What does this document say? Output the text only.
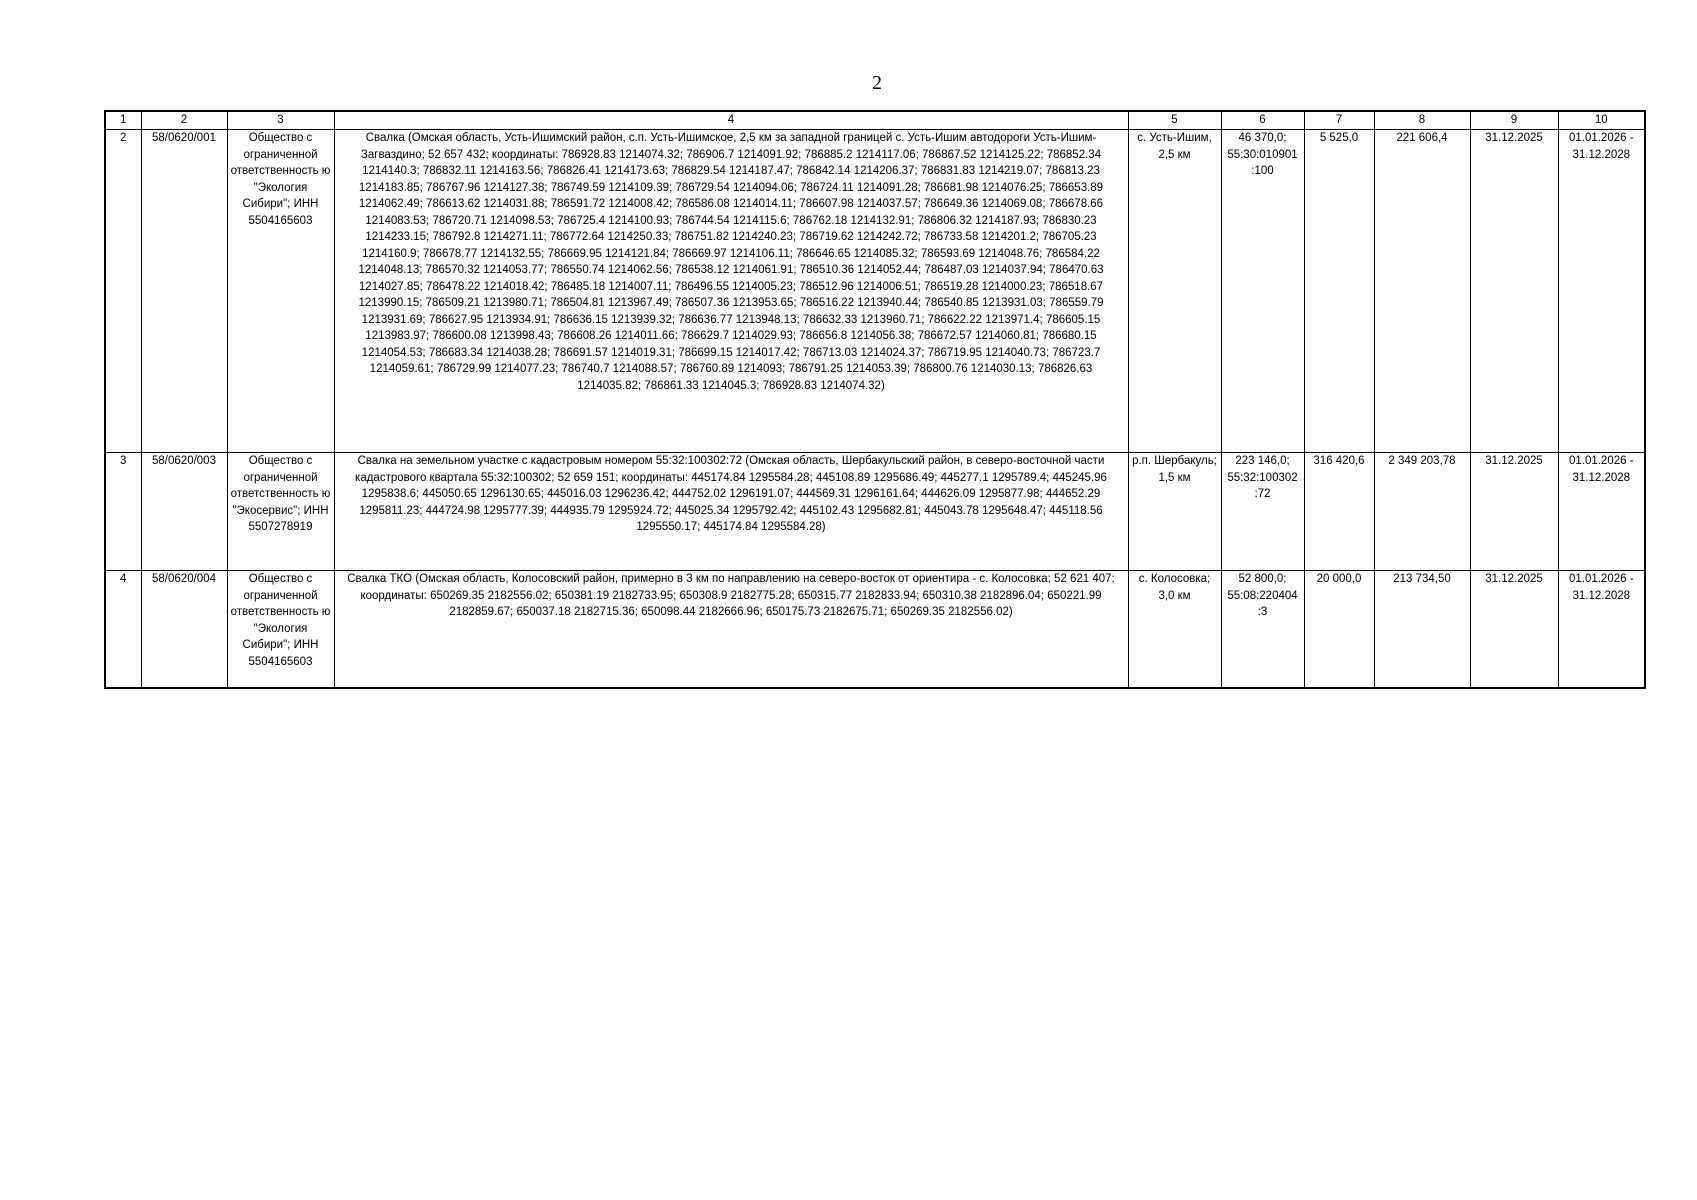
2
1	2	3	4	5	6	7	8	9	10
2	58/0620/001	Общество с ограниченной ответственность ю "Экология Сибири"; ИНН 5504165603	Свалка (Омская область, Усть-Ишимский район, с.п. Усть-Ишимское, 2,5 км за западной границей с. Усть-Ишим автодороги Усть-Ишим-Загваздино; 52 657 432; координаты: 786928.83 1214074.32; 786906.7 1214091.92; 786885.2 1214117.06; 786867.52 1214125.22; 786852.34 1214140.3; 786832.11 1214163.56; 786826.41 1214173.63; 786829.54 1214187.47; 786842.14 1214206.37; 786831.83 1214219.07; 786813.23 1214183.85; 786767.96 1214127.38; 786749.59 1214109.39; 786729.54 1214094.06; 786724.11 1214091.28; 786681.98 1214076.25; 786653.89 1214062.49; 786613.62 1214031.88; 786591.72 1214008.42; 786586.08 1214014.11; 786607.98 1214037.57; 786649.36 1214069.08; 786678.66 1214083.53; 786720.71 1214098.53; 786725.4 1214100.93; 786744.54 1214115.6; 786762.18 1214132.91; 786806.32 1214187.93; 786830.23 1214233.15; 786792.8 1214271.11; 786772.64 1214250.33; 786751.82 1214240.23; 786719.62 1214242.72; 786733.58 1214201.2; 786705.23 1214160.9; 786678.77 1214132.55; 786669.95 1214121.84; 786669.97 1214106.11; 786646.65 1214085.32; 786593.69 1214048.76; 786584.22 1214048.13; 786570.32 1214053.77; 786550.74 1214062.56; 786538.12 1214061.91; 786510.36 1214052.44; 786487.03 1214037.94; 786470.63 1214027.85; 786478.22 1214018.42; 786485.18 1214007.11; 786496.55 1214005.23; 786512.96 1214006.51; 786519.28 1214000.23; 786518.67 1213990.15; 786509.21 1213980.71; 786504.81 1213967.49; 786507.36 1213953.65; 786516.22 1213940.44; 786540.85 1213931.03; 786559.79 1213931.69; 786627.95 1213934.91; 786636.15 1213939.32; 786636.77 1213948.13; 786632.33 1213960.71; 786622.22 1213971.4; 786605.15 1213983.97; 786600.08 1213998.43; 786608.26 1214011.66; 786629.7 1214029.93; 786656.8 1214056.38; 786672.57 1214060.81; 786680.15 1214054.53; 786683.34 1214038.28; 786691.57 1214019.31; 786699.15 1214017.42; 786713.03 1214024.37; 786719.95 1214040.73; 786723.7 1214059.61; 786729.99 1214077.23; 786740.7 1214088.57; 786760.89 1214093; 786791.25 1214053.39; 786800.76 1214030.13; 786826.63 1214035.82; 786861.33 1214045.3; 786928.83 1214074.32)	с. Усть-Ишим, 2,5 км	46 370,0; 55:30:010901 :100	5 525,0	221 606,4	31.12.2025	01.01.2026 - 31.12.2028
3	58/0620/003	Общество с ограниченной ответственность ю "Экосервис"; ИНН 5507278919	Свалка на земельном участке с кадастровым номером 55:32:100302:72 (Омская область, Шербакульский район, в северо-восточной части кадастрового квартала 55:32:100302; 52 659 151; координаты: 445174.84 1295584.28; 445108.89 1295686.49; 445277.1 1295789.4; 445245.96 1295838.6; 445050.65 1296130.65; 445016.03 1296236.42; 444752.02 1296191.07; 444569.31 1296161.64; 444626.09 1295877.98; 444652.29 1295811.23; 444724.98 1295777.39; 444935.79 1295924.72; 445025.34 1295792.42; 445102.43 1295682.81; 445043.78 1295648.47; 445118.56 1295550.17; 445174.84 1295584.28)	р.п. Шербакуль; 1,5 км	223 146,0; 55:32:100302 :72	316 420,6	2 349 203,78	31.12.2025	01.01.2026 - 31.12.2028
4	58/0620/004	Общество с ограниченной ответственность ю "Экология Сибири"; ИНН 5504165603	Свалка ТКО (Омская область, Колосовский район, примерно в 3 км по направлению на северо-восток от ориентира - с. Колосовка; 52 621 407; координаты: 650269.35 2182556.02; 650381.19 2182733.95; 650308.9 2182775.28; 650315.77 2182833.94; 650310.38 2182896.04; 650221.99 2182859.67; 650037.18 2182715.36; 650098.44 2182666.96; 650175.73 2182675.71; 650269.35 2182556.02)	с. Колосовка; 3,0 км	52 800,0; 55:08:220404 :3	20 000,0	213 734,50	31.12.2025	01.01.2026 - 31.12.2028
